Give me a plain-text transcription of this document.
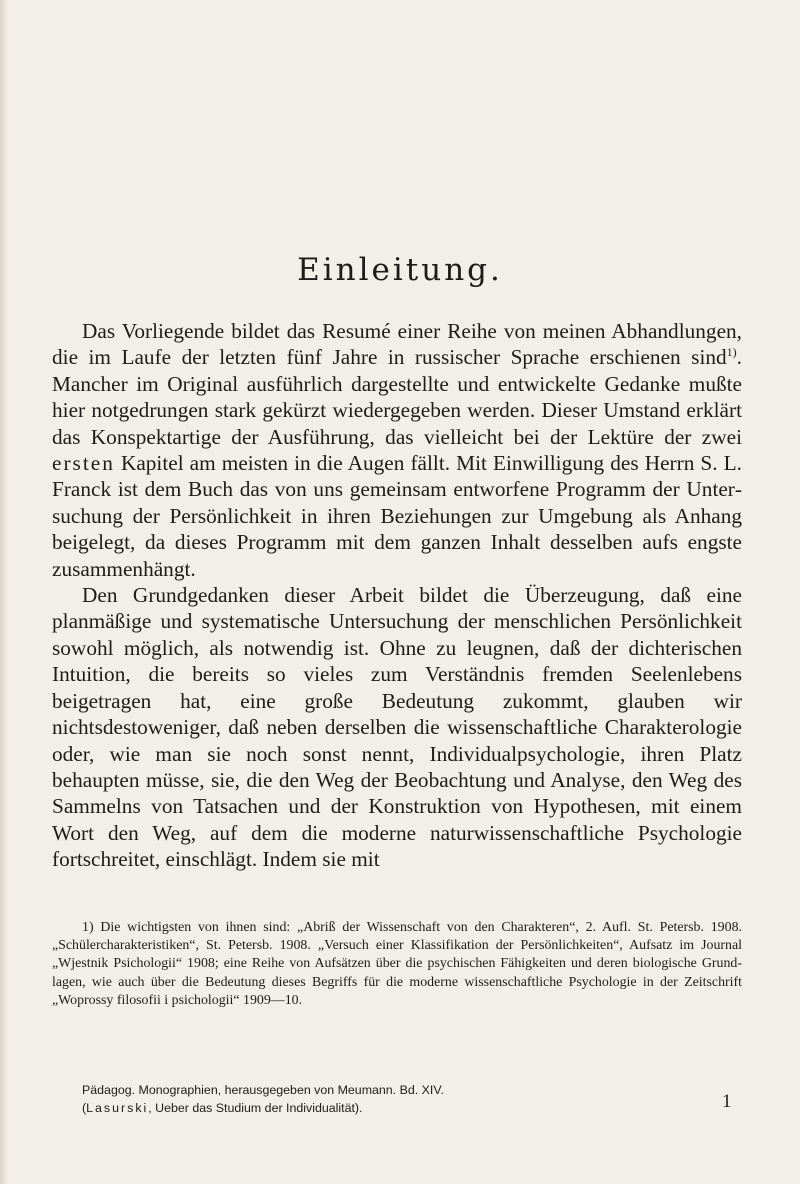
Einleitung.

Das Vorliegende bildet das Resumé einer Reihe von meinen Abhandlungen, die im Laufe der letzten fünf Jahre in russischer Sprache erschienen sind$^{1)}$. Mancher im Original ausführlich dargestellte und entwickelte Gedanke mußte hier notgedrungen stark gekürzt wiedergegeben werden. Dieser Umstand erklärt das Konspektartige der Ausführung, das vielleicht bei der Lektüre der zwei ersten Kapitel am meisten in die Augen fällt. Mit Einwilligung des Herrn S. L. Franck ist dem Buch das von uns gemeinsam entworfene Programm der Untersuchung der Persönlichkeit in ihren Beziehungen zur Umgebung als Anhang beigelegt, da dieses Programm mit dem ganzen Inhalt desselben aufs engste zusammenhängt.

Den Grundgedanken dieser Arbeit bildet die Überzeugung, daß eine planmäßige und systematische Untersuchung der menschlichen Persönlichkeit sowohl möglich, als notwendig ist. Ohne zu leugnen, daß der dichterischen Intuition, die bereits so vieles zum Verständnis fremden Seelenlebens beigetragen hat, eine große Bedeutung zukommt, glauben wir nichtsdestoweniger, daß neben derselben die wissenschaftliche Charakterologie oder, wie man sie noch sonst nennt, Individualpsychologie, ihren Platz behaupten müsse, sie, die den Weg der Beobachtung und Analyse, den Weg des Sammelns von Tatsachen und der Konstruktion von Hypothesen, mit einem Wort den Weg, auf dem die moderne naturwissenschaftliche Psychologie fortschreitet, einschlägt. Indem sie mit

1) Die wichtigsten von ihnen sind: „Abriß der Wissenschaft von den Charakteren“, 2. Aufl. St. Petersb. 1908. „Schülercharakteristiken“, St. Petersb. 1908. „Versuch einer Klassifikation der Persönlichkeiten“, Aufsatz im Journal „Wjestnik Psichologii“ 1908; eine Reihe von Aufsätzen über die psychischen Fähigkeiten und deren biologische Grundlagen, wie auch über die Bedeutung dieses Begriffs für die moderne wissenschaftliche Psychologie in der Zeitschrift „Woprossy filosofii i psichologii“ 1909—10.

Pädagog. Monographien, herausgegeben von Meumann. Bd. XIV.
(Lasurski, Ueber das Studium der Individualität).	1
